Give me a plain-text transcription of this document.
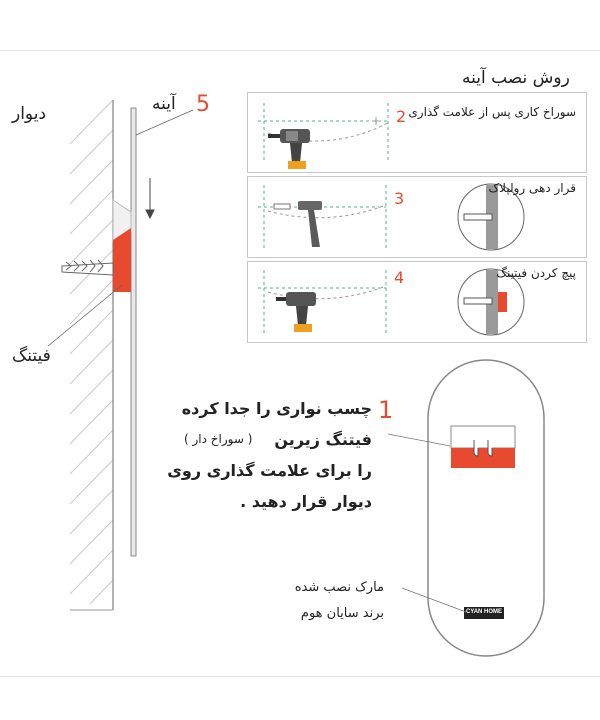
دیوار	5
آینه
فیتنگ
روش نصب آینه
2 سوراخ کاری پس از علامت گذاری
3
قرار دهی رولپلاک
4	پیچ کردن فیتینگ
CYAN HOME
1
چسب نواری را جدا کرده
فیتنگ زیرین
( سوراخ دار )
را برای علامت گذاری روی
دیوار قرار دهید .
مارک نصب شده
برند سایان هوم
